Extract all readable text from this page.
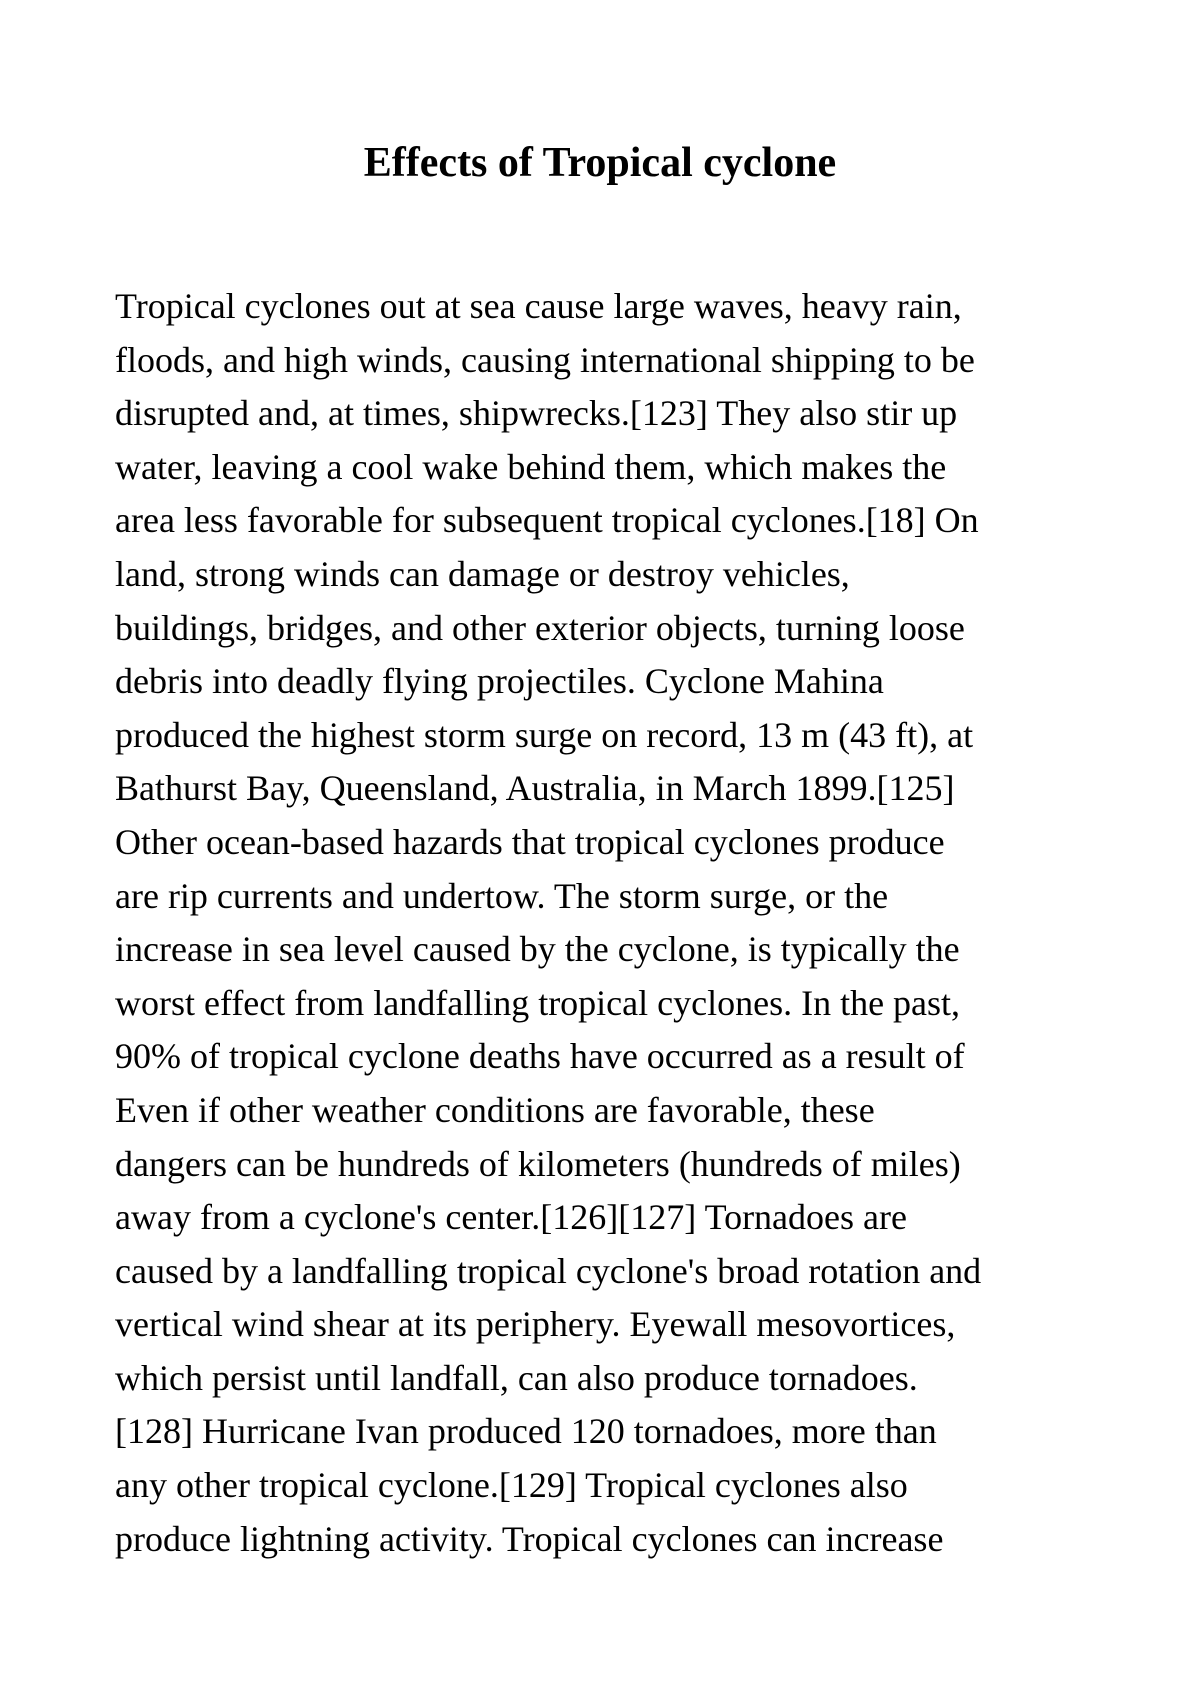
Effects of Tropical cyclone
Tropical cyclones out at sea cause large waves, heavy rain,
floods, and high winds, causing international shipping to be
disrupted and, at times, shipwrecks.[123] They also stir up
water, leaving a cool wake behind them, which makes the
area less favorable for subsequent tropical cyclones.[18] On
land, strong winds can damage or destroy vehicles,
buildings, bridges, and other exterior objects, turning loose
debris into deadly flying projectiles. Cyclone Mahina
produced the highest storm surge on record, 13 m (43 ft), at
Bathurst Bay, Queensland, Australia, in March 1899.[125]
Other ocean-based hazards that tropical cyclones produce
are rip currents and undertow. The storm surge, or the
increase in sea level caused by the cyclone, is typically the
worst effect from landfalling tropical cyclones. In the past,
90% of tropical cyclone deaths have occurred as a result of
Even if other weather conditions are favorable, these
dangers can be hundreds of kilometers (hundreds of miles)
away from a cyclone's center.[126][127] Tornadoes are
caused by a landfalling tropical cyclone's broad rotation and
vertical wind shear at its periphery. Eyewall mesovortices,
which persist until landfall, can also produce tornadoes.
[128] Hurricane Ivan produced 120 tornadoes, more than
any other tropical cyclone.[129] Tropical cyclones also
produce lightning activity. Tropical cyclones can increase
